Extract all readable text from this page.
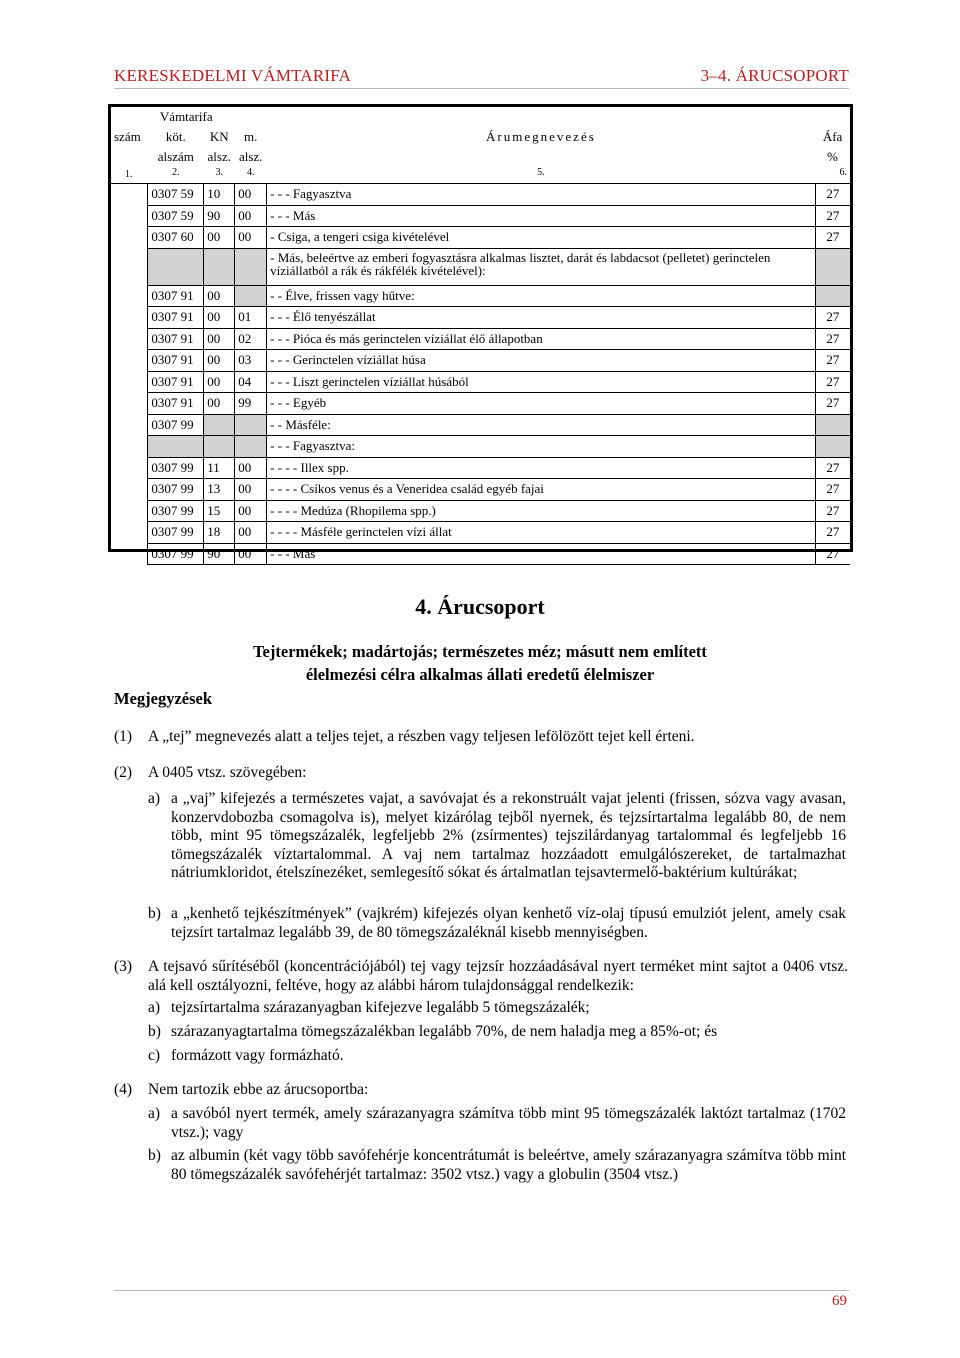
KERESKEDELMI VÁMTARIFA	3–4. ÁRUCSOPORT
	Vámtarifa				
szám	köt.	KN	m.	Árumegnevezés	Áfa
	alszám	alsz.	alsz.		%
1.	2.	3.	4.	5.	6.
	0307 59	10	00	- - - Fagyasztva	27
	0307 59	90	00	- - - Más	27
	0307 60	00	00	- Csiga, a tengeri csiga kivételével	27
				- Más, beleértve az emberi fogyasztásra alkalmas lisztet, darát és labdacsot (pelletet) gerinctelen víziállatból a rák és rákfélék kivételével):	
	0307 91	00		- - Élve, frissen vagy hűtve:	
	0307 91	00	01	- - - Élő tenyészállat	27
	0307 91	00	02	- - - Pióca és más gerinctelen víziállat élő állapotban	27
	0307 91	00	03	- - - Gerinctelen víziállat húsa	27
	0307 91	00	04	- - - Liszt gerinctelen víziállat húsából	27
	0307 91	00	99	- - - Egyéb	27
	0307 99			- - Másféle:	
				- - - Fagyasztva:	
	0307 99	11	00	- - - - Illex spp.	27
	0307 99	13	00	- - - - Csíkos venus és a Veneridea család egyéb fajai	27
	0307 99	15	00	- - - - Medúza (Rhopilema spp.)	27
	0307 99	18	00	- - - - Másféle gerinctelen vízi állat	27
	0307 99	90	00	- - - Más	27
4. Árucsoport
Tejtermékek; madártojás; természetes méz; másutt nem említett élelmezési célra alkalmas állati eredetű élelmiszer
Megjegyzések
(1) A „tej” megnevezés alatt a teljes tejet, a részben vagy teljesen lefölözött tejet kell érteni.
(2) A 0405 vtsz. szövegében:
a) a „vaj” kifejezés a természetes vajat, a savóvajat és a rekonstruált vajat jelenti (frissen, sózva vagy avasan, konzervdobozba csomagolva is), melyet kizárólag tejből nyernek, és tejzsírtartalma legalább 80, de nem több, mint 95 tömegszázalék, legfeljebb 2% (zsírmentes) tejszilárdanyag tartalommal és legfeljebb 16 tömegszázalék víztartalommal. A vaj nem tartalmaz hozzáadott emulgálószereket, de tartalmazhat nátriumkloridot, ételszínezéket, semlegesítő sókat és ártalmatlan tejsavtermelő-baktérium kultúrákat;
b) a „kenhető tejkészítmények” (vajkrém) kifejezés olyan kenhető víz-olaj típusú emulziót jelent, amely csak tejzsírt tartalmaz legalább 39, de 80 tömegszázaléknál kisebb mennyiségben.
(3) A tejsavó sűrítéséből (koncentrációjából) tej vagy tejzsír hozzáadásával nyert terméket mint sajtot a 0406 vtsz. alá kell osztályozni, feltéve, hogy az alábbi három tulajdonsággal rendelkezik:
a) tejzsírtartalma szárazanyagban kifejezve legalább 5 tömegszázalék;
b) szárazanyagtartalma tömegszázalékban legalább 70%, de nem haladja meg a 85%-ot; és
c) formázott vagy formázható.
(4) Nem tartozik ebbe az árucsoportba:
a) a savóból nyert termék, amely szárazanyagra számítva több mint 95 tömegszázalék laktózt tartalmaz (1702 vtsz.); vagy
b) az albumin (két vagy több savófehérje koncentrátumát is beleértve, amely szárazanyagra számítva több mint 80 tömegszázalék savófehérjét tartalmaz: 3502 vtsz.) vagy a globulin (3504 vtsz.)
69
